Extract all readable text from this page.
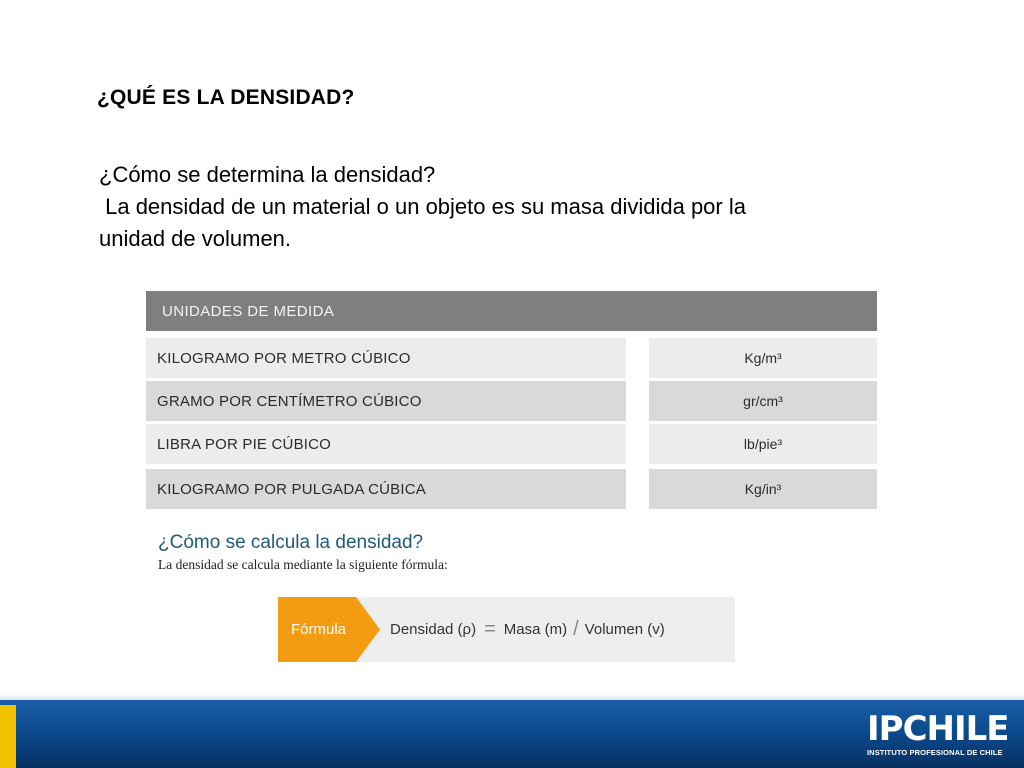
¿QUÉ ES LA DENSIDAD?
¿Cómo se determina la densidad?
La densidad de un material o un objeto es su masa dividida por la
unidad de volumen.
UNIDADES DE MEDIDA
KILOGRAMO POR METRO CÚBICO	Kg/m³
GRAMO POR CENTÍMETRO CÚBICO	gr/cm³
LIBRA POR PIE CÚBICO	lb/pie³
KILOGRAMO POR PULGADA CÚBICA	Kg/in³
¿Cómo se calcula la densidad?
La densidad se calcula mediante la siguiente fórmula:
Fórmula	Densidad (ρ) = Masa (m) / Volumen (v)
IPCHILE
INSTITUTO PROFESIONAL DE CHILE
